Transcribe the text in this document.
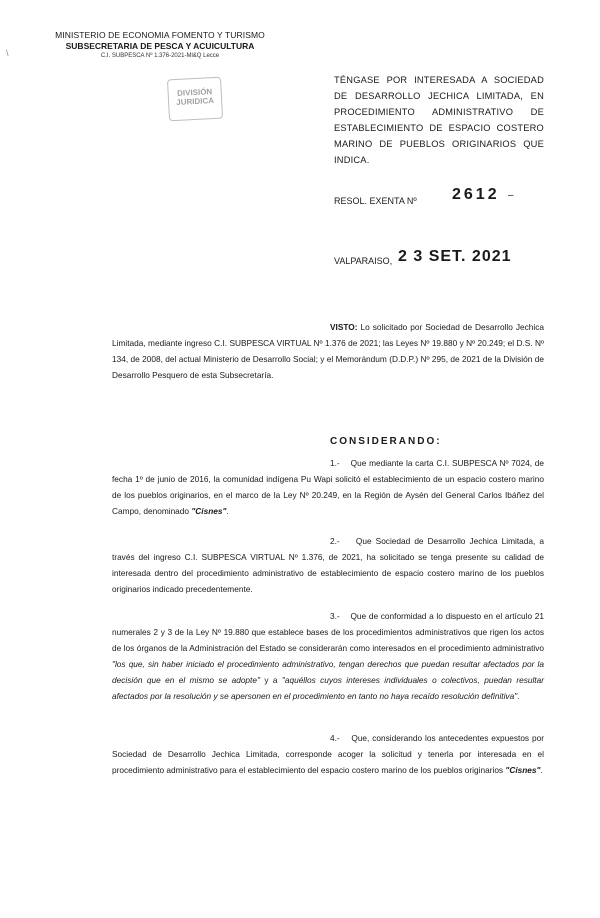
\
MINISTERIO DE ECONOMIA FOMENTO Y TURISMO
SUBSECRETARIA DE PESCA Y ACUICULTURA
C.I. SUBPESCA Nº 1.376-2021-Ml&Q Lecce
DIVISIÓN
JURIDICA
TÉNGASE POR INTERESADA A SOCIEDAD DE DESARROLLO JECHICA LIMITADA, EN PROCEDIMIENTO ADMINISTRATIVO DE ESTABLECIMIENTO DE ESPACIO COSTERO MARINO DE PUEBLOS ORIGINARIOS QUE INDICA.
RESOL. EXENTA Nº 2612 –
VALPARAISO, 2 3 SET. 2021
VISTO: Lo solicitado por Sociedad de Desarrollo Jechica Limitada, mediante ingreso C.I. SUBPESCA VIRTUAL Nº 1.376 de 2021; las Leyes Nº 19.880 y Nº 20.249; el D.S. Nº 134, de 2008, del actual Ministerio de Desarrollo Social; y el Memorándum (D.D.P.) Nº 295, de 2021 de la División de Desarrollo Pesquero de esta Subsecretaría.
CONSIDERANDO:
1.- Que mediante la carta C.I. SUBPESCA Nº 7024, de fecha 1º de junio de 2016, la comunidad indígena Pu Wapi solicitó el establecimiento de un espacio costero marino de los pueblos originarios, en el marco de la Ley Nº 20.249, en la Región de Aysén del General Carlos Ibáñez del Campo, denominado "Cisnes".
2.- Que Sociedad de Desarrollo Jechica Limitada, a través del ingreso C.I. SUBPESCA VIRTUAL Nº 1.376, de 2021, ha solicitado se tenga presente su calidad de interesada dentro del procedimiento administrativo de establecimiento de espacio costero marino de los pueblos originarios indicado precedentemente.
3.- Que de conformidad a lo dispuesto en el artículo 21 numerales 2 y 3 de la Ley Nº 19.880 que establece bases de los procedimientos administrativos que rigen los actos de los órganos de la Administración del Estado se considerarán como interesados en el procedimiento administrativo "los que, sin haber iniciado el procedimiento administrativo, tengan derechos que puedan resultar afectados por la decisión que en el mismo se adopte" y a "aquéllos cuyos intereses individuales o colectivos, puedan resultar afectados por la resolución y se apersonen en el procedimiento en tanto no haya recaído resolución definitiva".
4.- Que, considerando los antecedentes expuestos por Sociedad de Desarrollo Jechica Limitada, corresponde acoger la solicitud y tenerla por interesada en el procedimiento administrativo para el establecimiento del espacio costero marino de los pueblos originarios "Cisnes".
